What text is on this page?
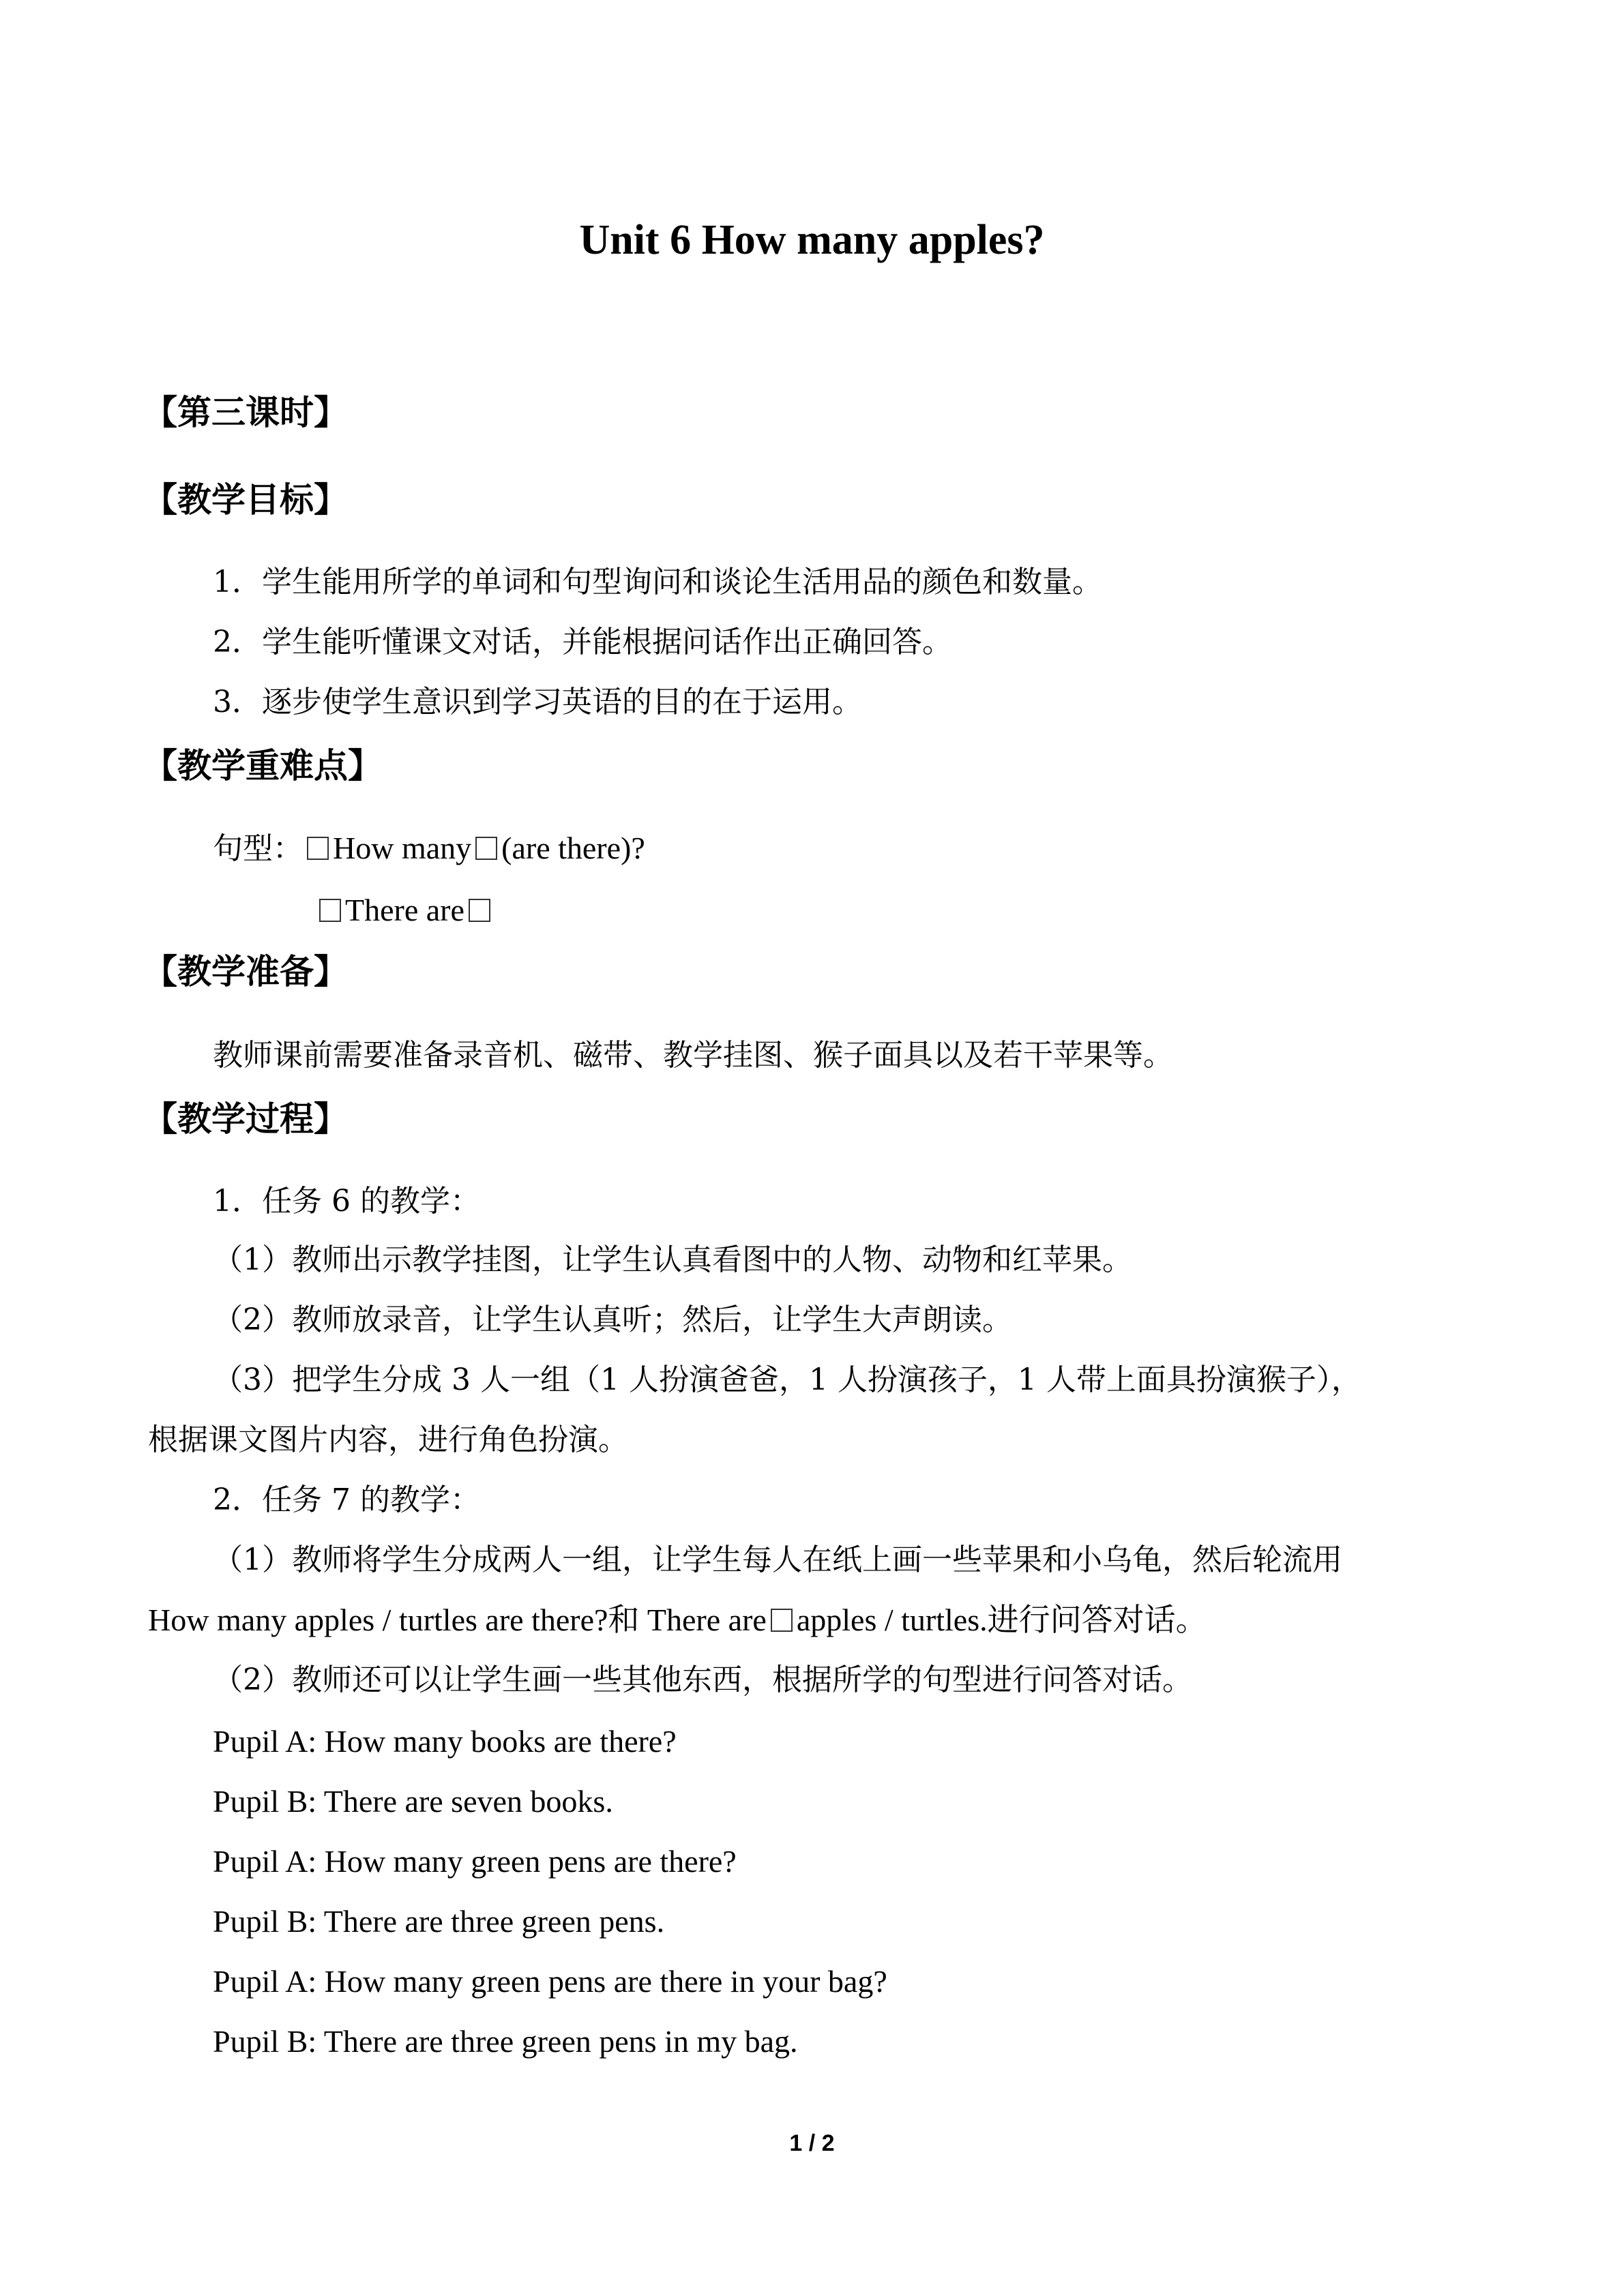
Unit 6 How many apples?
【第三课时】
【教学目标】
1．学生能用所学的单词和句型询问和谈论生活用品的颜色和数量。
2．学生能听懂课文对话，并能根据问话作出正确回答。
3．逐步使学生意识到学习英语的目的在于运用。
【教学重难点】
句型： How many (are there)?
There are
【教学准备】
教师课前需要准备录音机、磁带、教学挂图、猴子面具以及若干苹果等。
【教学过程】
1．任务 6 的教学：
（1）教师出示教学挂图，让学生认真看图中的人物、动物和红苹果。
（2）教师放录音，让学生认真听；然后，让学生大声朗读。
（3）把学生分成 3 人一组（1 人扮演爸爸，1 人扮演孩子，1 人带上面具扮演猴子），
根据课文图片内容，进行角色扮演。
2．任务 7 的教学：
（1）教师将学生分成两人一组，让学生每人在纸上画一些苹果和小乌龟，然后轮流用
How many apples / turtles are there?和 There are apples / turtles.进行问答对话。
（2）教师还可以让学生画一些其他东西，根据所学的句型进行问答对话。
Pupil A: How many books are there?
Pupil B: There are seven books.
Pupil A: How many green pens are there?
Pupil B: There are three green pens.
Pupil A: How many green pens are there in your bag?
Pupil B: There are three green pens in my bag.
1 / 2
